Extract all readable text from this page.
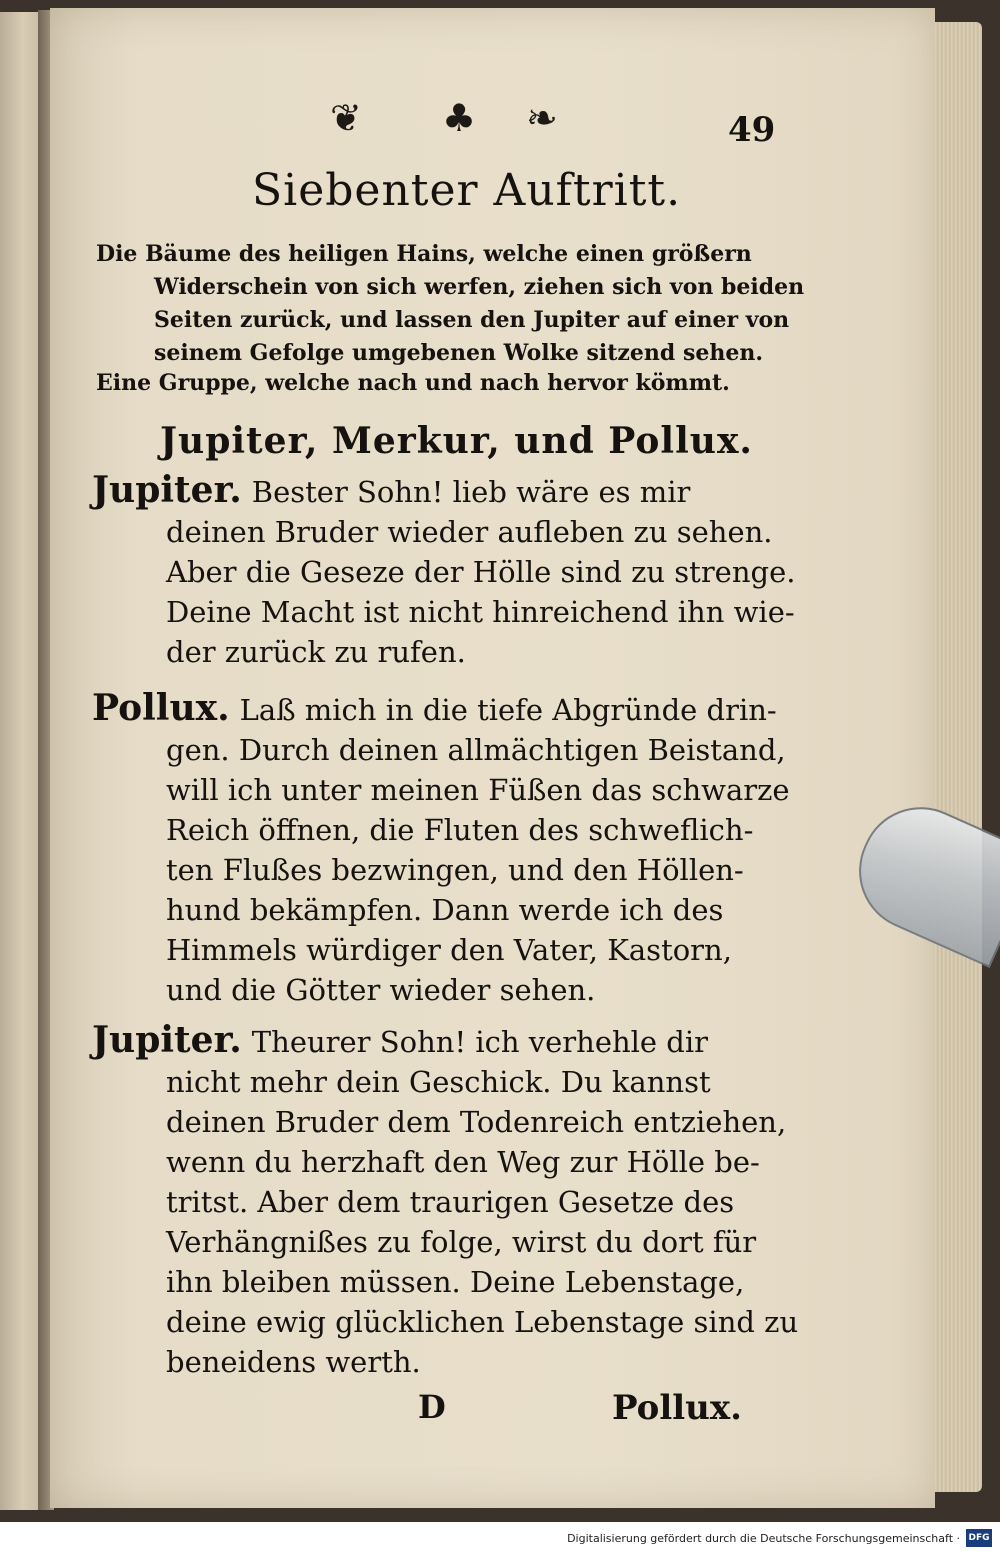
❦ ♣ ❧	49
Siebenter Auftritt.
Die Bäume des heiligen Hains, welche einen größern
Widerschein von sich werfen, ziehen sich von beiden
Seiten zurück, und lassen den Jupiter auf einer von
seinem Gefolge umgebenen Wolke sitzend sehen.
Eine Gruppe, welche nach und nach hervor kömmt.
Jupiter, Merkur, und Pollux.
Jupiter. Bester Sohn! lieb wäre es mir
deinen Bruder wieder aufleben zu sehen.
Aber die Geseze der Hölle sind zu strenge.
Deine Macht ist nicht hinreichend ihn wie-
der zurück zu rufen.
Pollux. Laß mich in die tiefe Abgründe drin-
gen. Durch deinen allmächtigen Beistand,
will ich unter meinen Füßen das schwarze
Reich öffnen, die Fluten des schweflich-
ten Flußes bezwingen, und den Höllen-
hund bekämpfen. Dann werde ich des
Himmels würdiger den Vater, Kastorn,
und die Götter wieder sehen.
Jupiter. Theurer Sohn! ich verhehle dir
nicht mehr dein Geschick. Du kannst
deinen Bruder dem Todenreich entziehen,
wenn du herzhaft den Weg zur Hölle be-
tritst. Aber dem traurigen Gesetze des
Verhängnißes zu folge, wirst du dort für
ihn bleiben müssen. Deine Lebenstage,
deine ewig glücklichen Lebenstage sind zu
beneidens werth.
D	Pollux.
Digitalisierung gefördert durch die Deutsche Forschungsgemeinschaft · DFG
